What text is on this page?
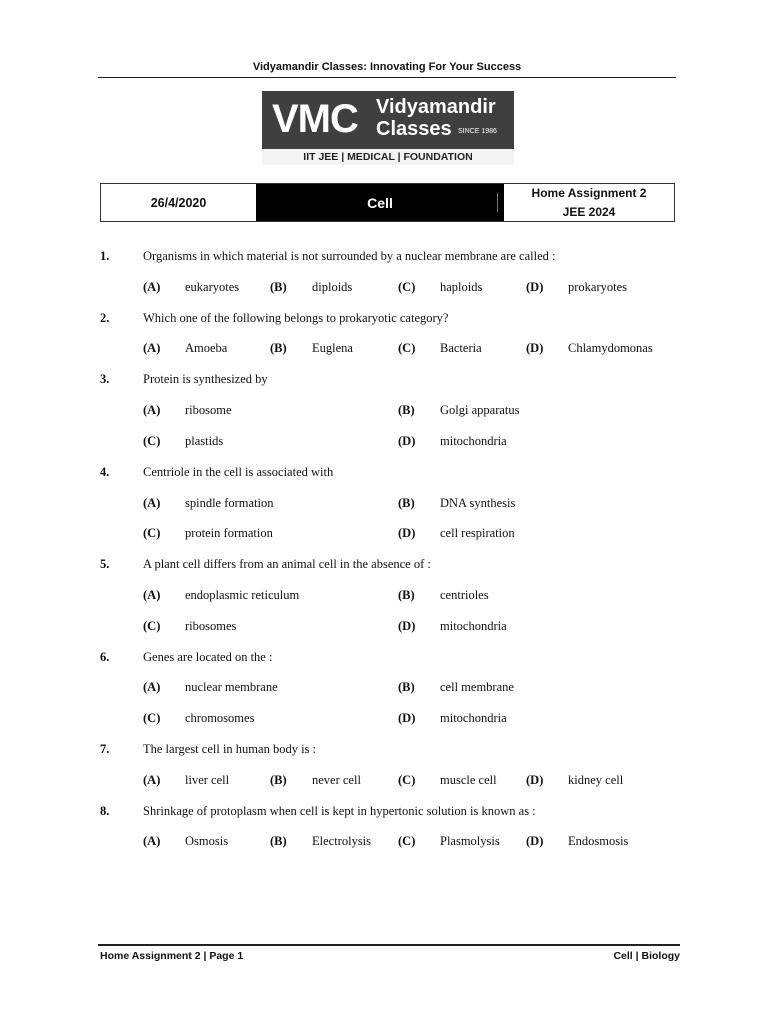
Vidyamandir Classes: Innovating For Your Success
VMC Vidyamandir
Classes SINCE 1986
IIT JEE | MEDICAL | FOUNDATION
26/4/2020	Cell
Home Assignment 2
JEE 2024
1.	Organisms in which material is not surrounded by a nuclear membrane are called :
(A) eukaryotes (B) diploids	(C) haploids	(D) prokaryotes
2.	Which one of the following belongs to prokaryotic category?
(A) Amoeba	(B) Euglena	(C) Bacteria	(D) Chlamydomonas
3.	Protein is synthesized by
(A) ribosome	(B) Golgi apparatus
(C) plastids	(D) mitochondria
4.	Centriole in the cell is associated with
(A) spindle formation	(B) DNA synthesis
(C) protein formation	(D) cell respiration
5.	A plant cell differs from an animal cell in the absence of :
(A) endoplasmic reticulum	(B) centrioles
(C) ribosomes	(D) mitochondria
6.	Genes are located on the :
(A) nuclear membrane	(B) cell membrane
(C) chromosomes	(D) mitochondria
7.	The largest cell in human body is :
(A) liver cell	(B) never cell	(C) muscle cell (D) kidney cell
8.	Shrinkage of protoplasm when cell is kept in hypertonic solution is known as :
(A) Osmosis	(B) Electrolysis (C) Plasmolysis (D) Endosmosis
Home Assignment 2 | Page 1	Cell | Biology
